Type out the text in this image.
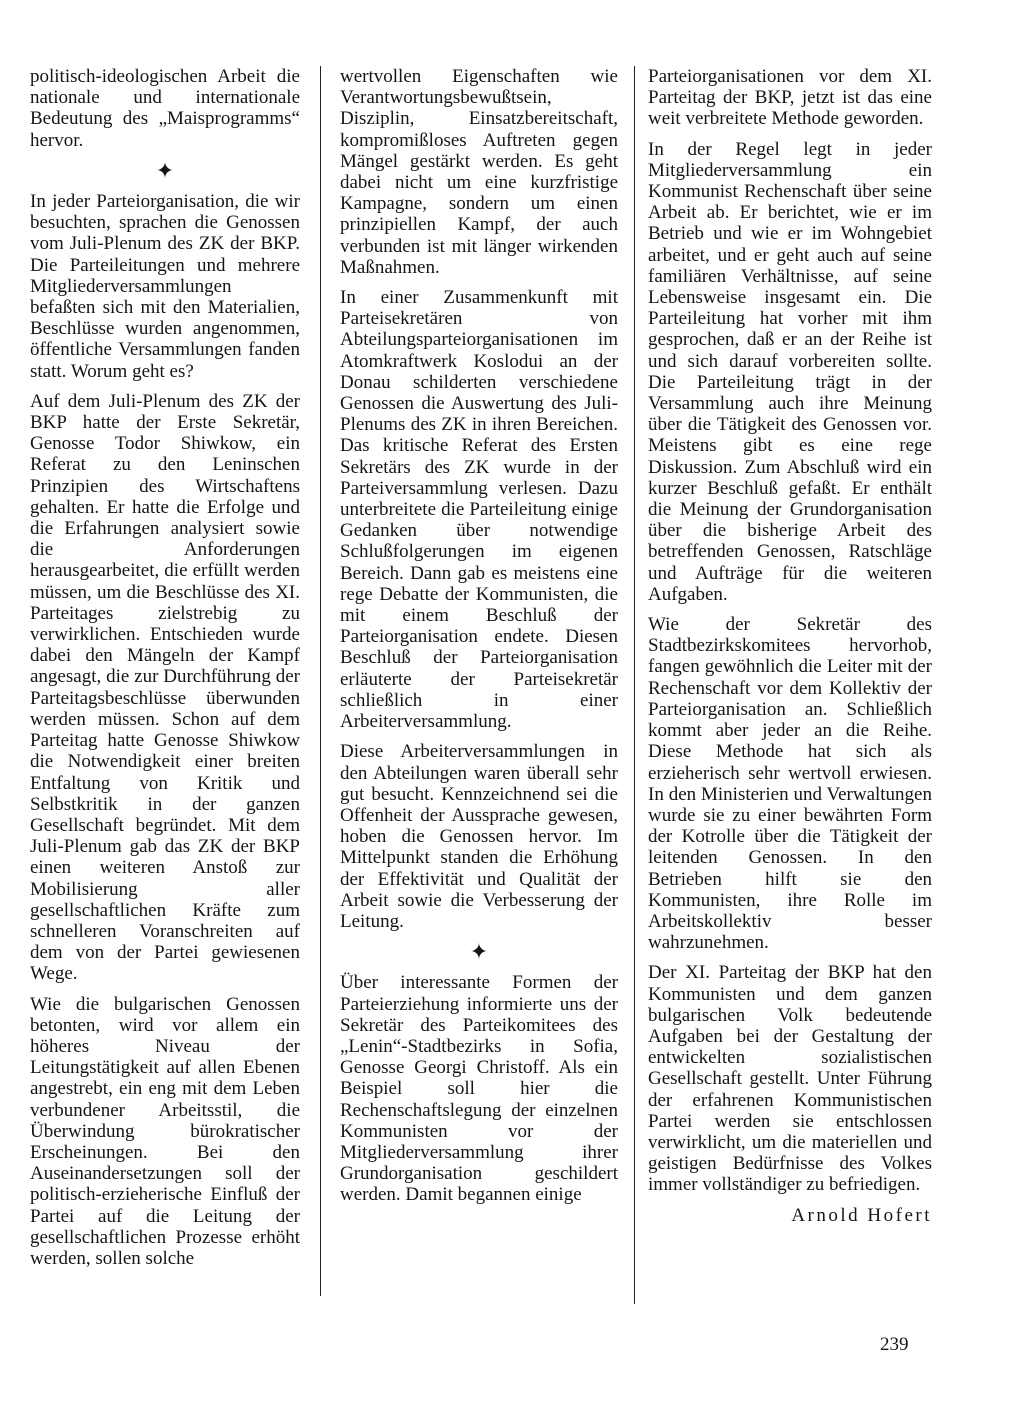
politisch-ideologischen Arbeit die nationale und internationale Bedeutung des „Maisprogramms“ hervor.

✦

In jeder Parteiorganisation, die wir besuchten, sprachen die Genossen vom Juli-Plenum des ZK der BKP. Die Parteileitungen und mehrere Mitgliederversammlungen befaßten sich mit den Materialien, Beschlüsse wurden angenommen, öffentliche Versammlungen fanden statt. Worum geht es?

Auf dem Juli-Plenum des ZK der BKP hatte der Erste Sekretär, Genosse Todor Shiwkow, ein Referat zu den Leninschen Prinzipien des Wirtschaftens gehalten. Er hatte die Erfolge und die Erfahrungen analysiert sowie die Anforderungen herausgearbeitet, die erfüllt werden müssen, um die Beschlüsse des XI. Parteitages zielstrebig zu verwirklichen. Entschieden wurde dabei den Mängeln der Kampf angesagt, die zur Durchführung der Parteitagsbeschlüsse überwunden werden müssen. Schon auf dem Parteitag hatte Genosse Shiwkow die Notwendigkeit einer breiten Entfaltung von Kritik und Selbstkritik in der ganzen Gesellschaft begründet. Mit dem Juli-Plenum gab das ZK der BKP einen weiteren Anstoß zur Mobilisierung aller gesellschaftlichen Kräfte zum schnelleren Voranschreiten auf dem von der Partei gewiesenen Wege.

Wie die bulgarischen Genossen betonten, wird vor allem ein höheres Niveau der Leitungstätigkeit auf allen Ebenen angestrebt, ein eng mit dem Leben verbundener Arbeitsstil, die Überwindung bürokratischer Erscheinungen. Bei den Auseinandersetzungen soll der politisch-erzieherische Einfluß der Partei auf die Leitung der gesellschaftlichen Prozesse erhöht werden, sollen solche

wertvollen Eigenschaften wie Verantwortungsbewußtsein, Disziplin, Einsatzbereitschaft, kompromißloses Auftreten gegen Mängel gestärkt werden. Es geht dabei nicht um eine kurzfristige Kampagne, sondern um einen prinzipiellen Kampf, der auch verbunden ist mit länger wirkenden Maßnahmen.

In einer Zusammenkunft mit Parteisekretären von Abteilungsparteiorganisationen im Atomkraftwerk Koslodui an der Donau schilderten verschiedene Genossen die Auswertung des Juli-Plenums des ZK in ihren Bereichen. Das kritische Referat des Ersten Sekretärs des ZK wurde in der Parteiversammlung verlesen. Dazu unterbreitete die Parteileitung einige Gedanken über notwendige Schlußfolgerungen im eigenen Bereich. Dann gab es meistens eine rege Debatte der Kommunisten, die mit einem Beschluß der Parteiorganisation endete. Diesen Beschluß der Parteiorganisation erläuterte der Parteisekretär schließlich in einer Arbeiterversammlung.

Diese Arbeiterversammlungen in den Abteilungen waren überall sehr gut besucht. Kennzeichnend sei die Offenheit der Aussprache gewesen, hoben die Genossen hervor. Im Mittelpunkt standen die Erhöhung der Effektivität und Qualität der Arbeit sowie die Verbesserung der Leitung.

✦

Über interessante Formen der Parteierziehung informierte uns der Sekretär des Parteikomitees des „Lenin“-Stadtbezirks in Sofia, Genosse Georgi Christoff. Als ein Beispiel soll hier die Rechenschaftslegung der einzelnen Kommunisten vor der Mitgliederversammlung ihrer Grundorganisation geschildert werden. Damit begannen einige

Parteiorganisationen vor dem XI. Parteitag der BKP, jetzt ist das eine weit verbreitete Methode geworden.

In der Regel legt in jeder Mitgliederversammlung ein Kommunist Rechenschaft über seine Arbeit ab. Er berichtet, wie er im Betrieb und wie er im Wohngebiet arbeitet, und er geht auch auf seine familiären Verhältnisse, auf seine Lebensweise insgesamt ein. Die Parteileitung hat vorher mit ihm gesprochen, daß er an der Reihe ist und sich darauf vorbereiten sollte. Die Parteileitung trägt in der Versammlung auch ihre Meinung über die Tätigkeit des Genossen vor. Meistens gibt es eine rege Diskussion. Zum Abschluß wird ein kurzer Beschluß gefaßt. Er enthält die Meinung der Grundorganisation über die bisherige Arbeit des betreffenden Genossen, Ratschläge und Aufträge für die weiteren Aufgaben.

Wie der Sekretär des Stadtbezirkskomitees hervorhob, fangen gewöhnlich die Leiter mit der Rechenschaft vor dem Kollektiv der Parteiorganisation an. Schließlich kommt aber jeder an die Reihe. Diese Methode hat sich als erzieherisch sehr wertvoll erwiesen. In den Ministerien und Verwaltungen wurde sie zu einer bewährten Form der Kotrolle über die Tätigkeit der leitenden Genossen. In den Betrieben hilft sie den Kommunisten, ihre Rolle im Arbeitskollektiv besser wahrzunehmen.

Der XI. Parteitag der BKP hat den Kommunisten und dem ganzen bulgarischen Volk bedeutende Aufgaben bei der Gestaltung der entwickelten sozialistischen Gesellschaft gestellt. Unter Führung der erfahrenen Kommunistischen Partei werden sie entschlossen verwirklicht, um die materiellen und geistigen Bedürfnisse des Volkes immer vollständiger zu befriedigen.

Arnold Hofert
239
